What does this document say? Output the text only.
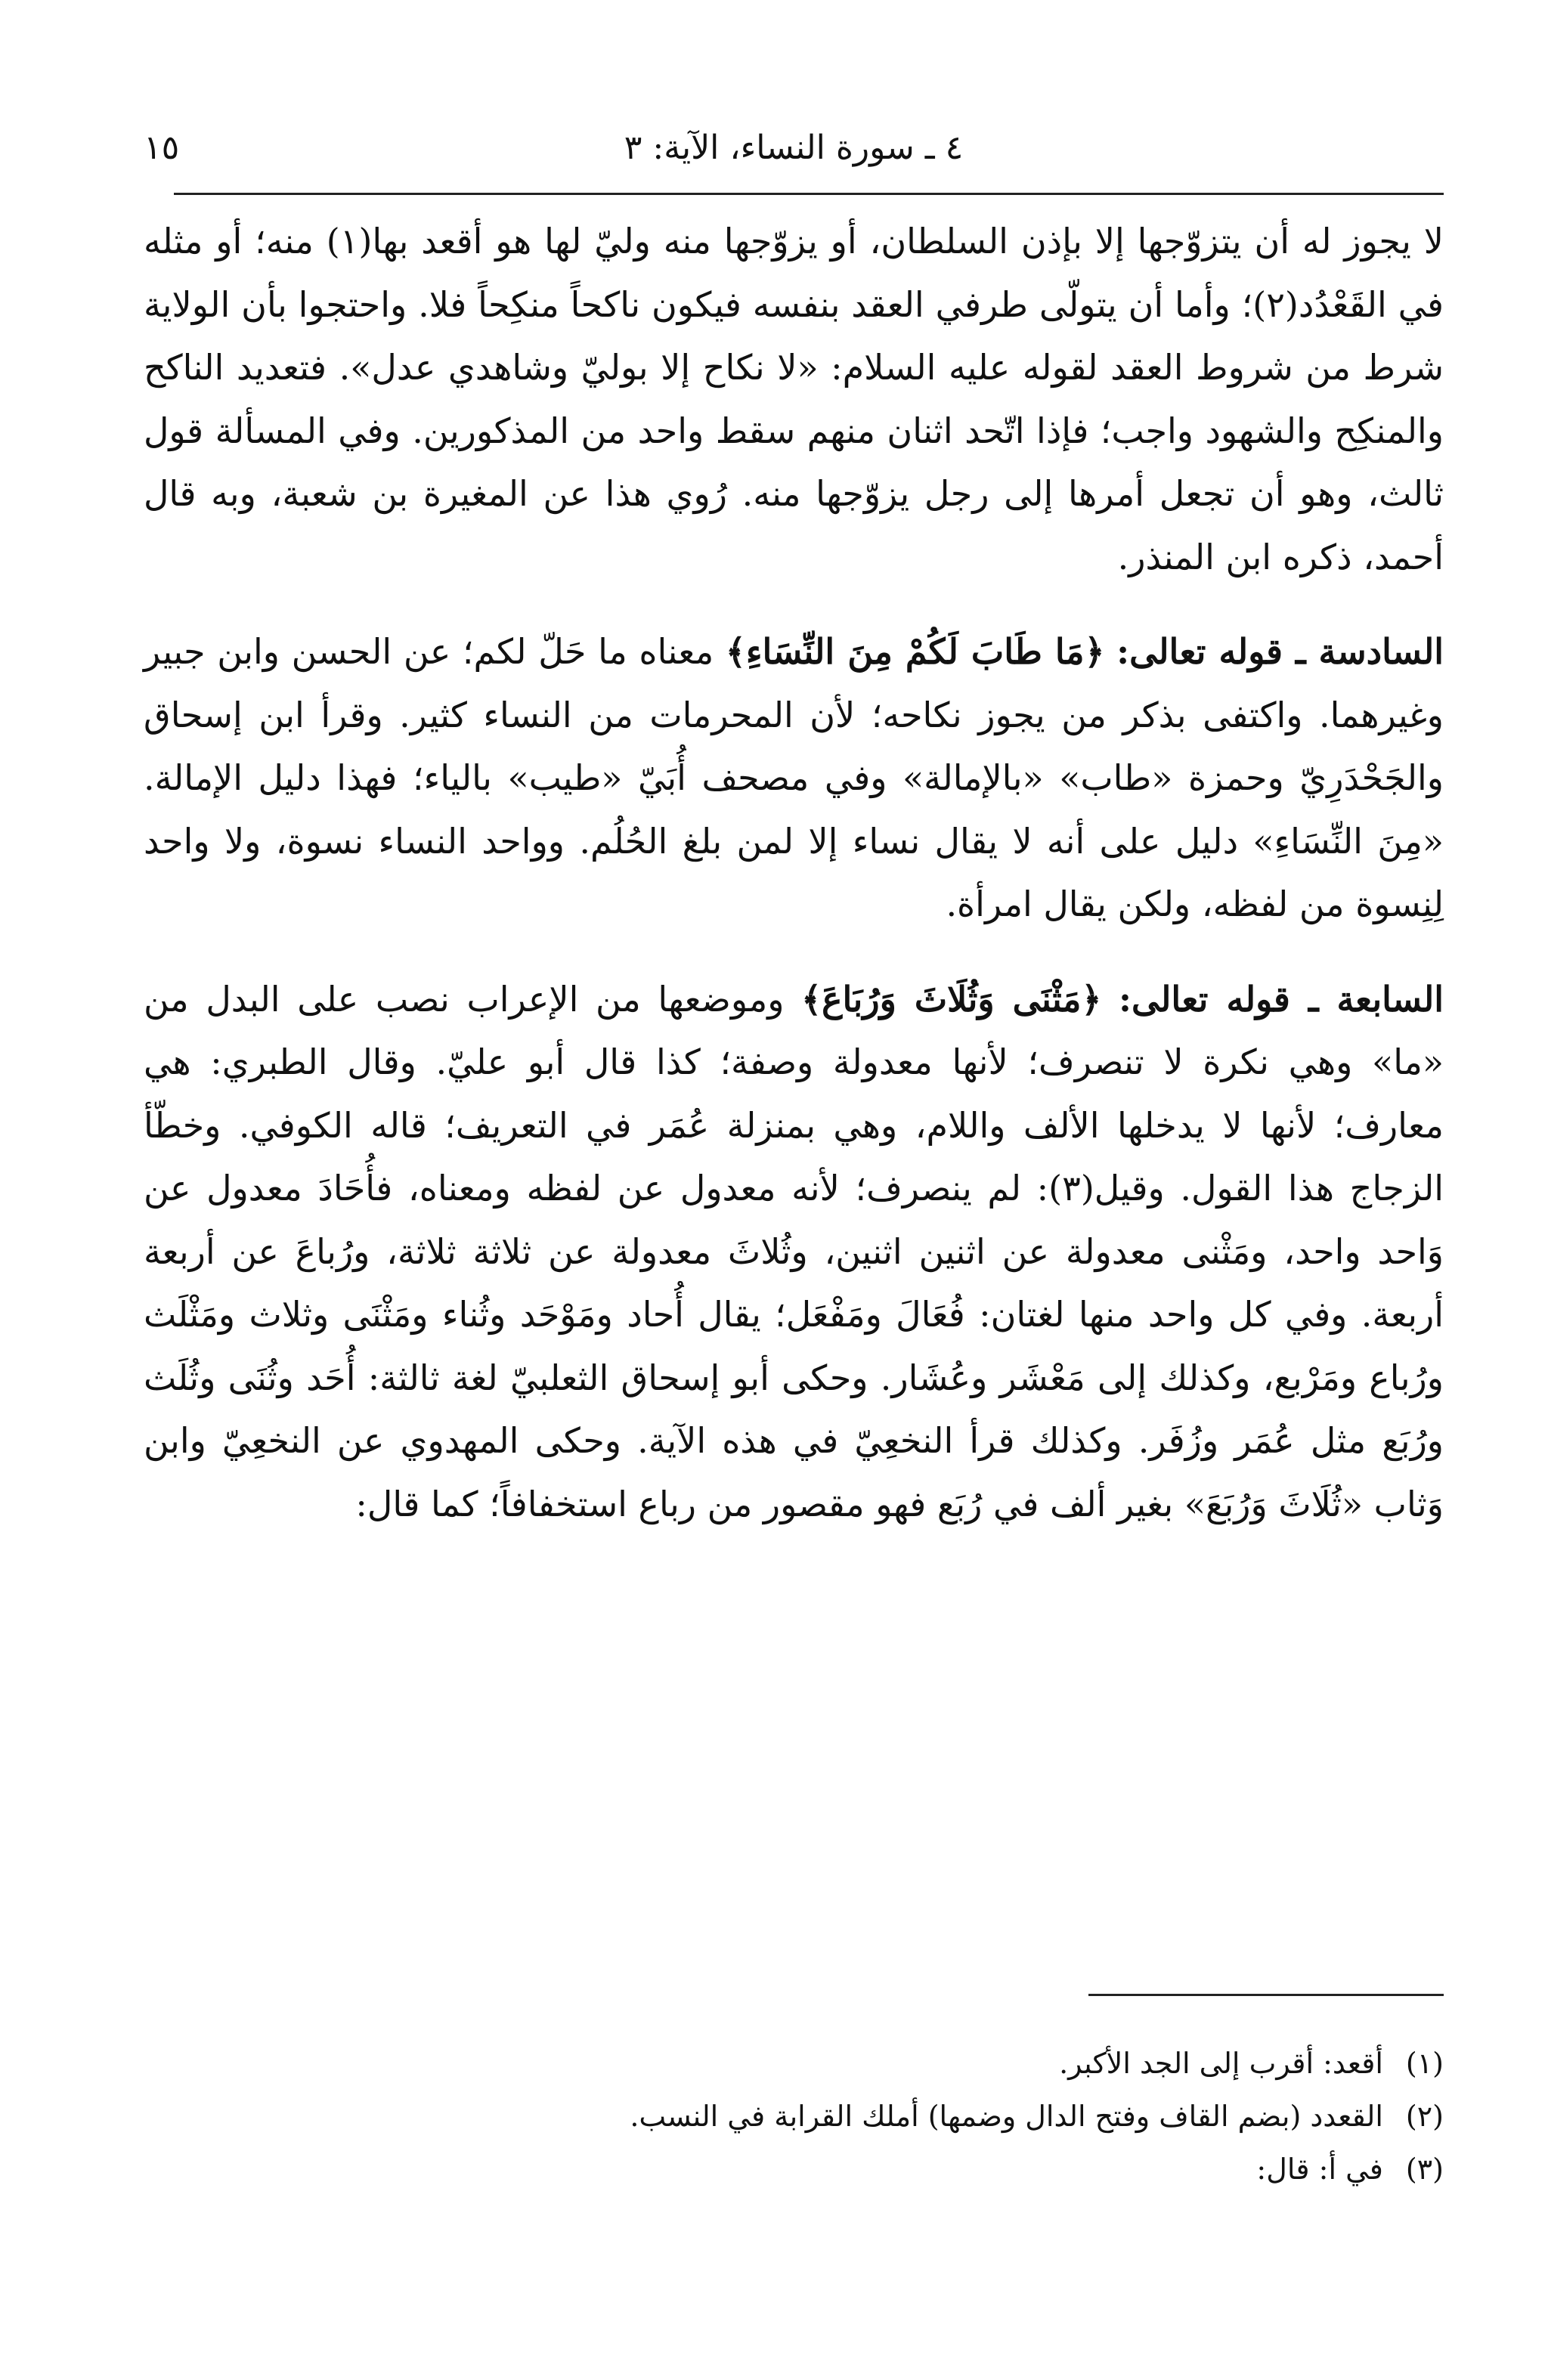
١٥	٤ ـ سورة النساء، الآية: ٣

لا يجوز له أن يتزوّجها إلا بإذن السلطان، أو يزوّجها منه وليّ لها هو أقعد بها(١) منه؛ أو مثله في القَعْدُد(٢)؛ وأما أن يتولّى طرفي العقد بنفسه فيكون ناكحاً منكِحاً فلا. واحتجوا بأن الولاية شرط من شروط العقد لقوله عليه السلام: «لا نكاح إلا بوليّ وشاهدي عدل». فتعديد الناكح والمنكِح والشهود واجب؛ فإذا اتّحد اثنان منهم سقط واحد من المذكورين. وفي المسألة قول ثالث، وهو أن تجعل أمرها إلى رجل يزوّجها منه. رُوي هذا عن المغيرة بن شعبة، وبه قال أحمد، ذكره ابن المنذر.

السادسة ـ قوله تعالى: ﴿مَا طَابَ لَكُمْ مِنَ النِّسَاءِ﴾ معناه ما حَلّ لكم؛ عن الحسن وابن جبير وغيرهما. واكتفى بذكر من يجوز نكاحه؛ لأن المحرمات من النساء كثير. وقرأ ابن إسحاق والجَحْدَرِيّ وحمزة «طاب» «بالإمالة» وفي مصحف أُبَيّ «طيب» بالياء؛ فهذا دليل الإمالة. «مِنَ النِّسَاءِ» دليل على أنه لا يقال نساء إلا لمن بلغ الحُلُم. وواحد النساء نسوة، ولا واحد لِنِسوة من لفظه، ولكن يقال امرأة.

السابعة ـ قوله تعالى: ﴿مَثْنَى وَثُلَاثَ وَرُبَاعَ﴾ وموضعها من الإعراب نصب على البدل من «ما» وهي نكرة لا تنصرف؛ لأنها معدولة وصفة؛ كذا قال أبو عليّ. وقال الطبري: هي معارف؛ لأنها لا يدخلها الألف واللام، وهي بمنزلة عُمَر في التعريف؛ قاله الكوفي. وخطّأ الزجاج هذا القول. وقيل(٣): لم ينصرف؛ لأنه معدول عن لفظه ومعناه، فأُحَادَ معدول عن وَاحد واحد، ومَثْنى معدولة عن اثنين اثنين، وثُلاثَ معدولة عن ثلاثة ثلاثة، ورُباعَ عن أربعة أربعة. وفي كل واحد منها لغتان: فُعَالَ ومَفْعَل؛ يقال أُحاد ومَوْحَد وثُناء ومَثْنَى وثلاث ومَثْلَث ورُباع ومَرْبع، وكذلك إلى مَعْشَر وعُشَار. وحكى أبو إسحاق الثعلبيّ لغة ثالثة: أُحَد وثُنَى وثُلَث ورُبَع مثل عُمَر وزُفَر. وكذلك قرأ النخعِيّ في هذه الآية. وحكى المهدوي عن النخعِيّ وابن وَثاب «ثُلَاثَ وَرُبَعَ» بغير ألف في رُبَع فهو مقصور من رباع استخفافاً؛ كما قال:

(١)أقعد: أقرب إلى الجد الأكبر.
(٢)القعدد (بضم القاف وفتح الدال وضمها) أملك القرابة في النسب.
(٣)في أ: قال:
